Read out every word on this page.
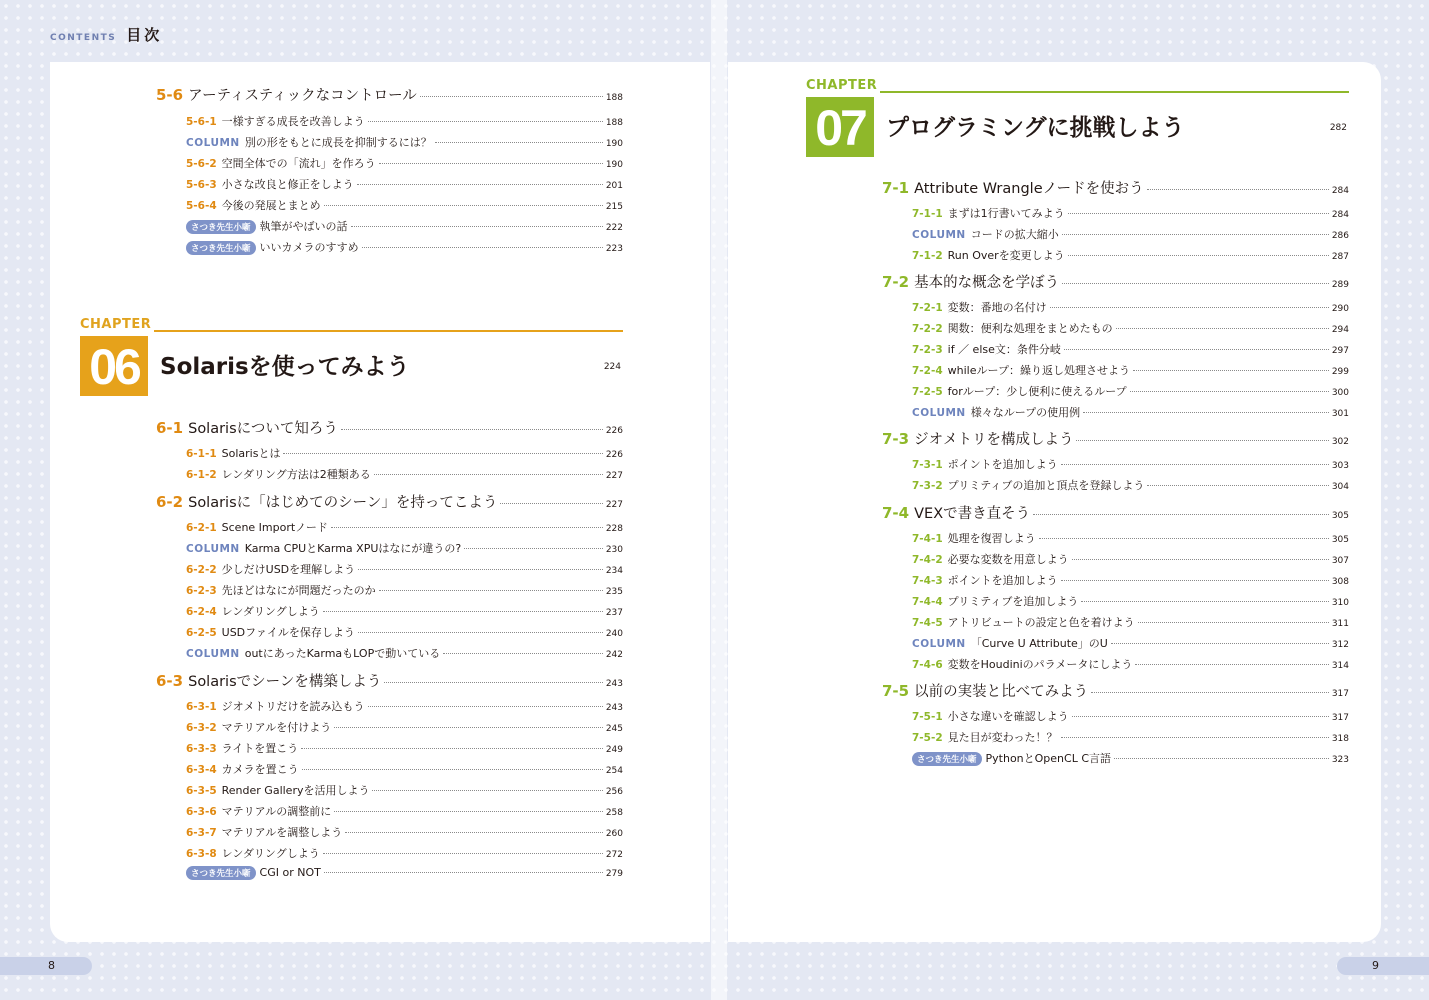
CONTENTS 目次
5-6 アーティスティックなコントロール	188
5-6-1 一様すぎる成長を改善しよう	188
COLUMN 別の形をもとに成長を抑制するには？	190
5-6-2 空間全体での「流れ」を作ろう	190
5-6-3 小さな改良と修正をしよう	201
5-6-4 今後の発展とまとめ	215
さつき先生小噺 執筆がやばいの話	222
さつき先生小噺 いいカメラのすすめ	223
CHAPTER
06 Solarisを使ってみよう	224
6-1 Solarisについて知ろう	226
6-1-1 Solarisとは	226
6-1-2 レンダリング方法は2種類ある	227
6-2 Solarisに「はじめてのシーン」を持ってこよう	227
6-2-1 Scene Importノード	228
COLUMN Karma CPUとKarma XPUはなにが違うの?	230
6-2-2 少しだけUSDを理解しよう	234
6-2-3 先ほどはなにが問題だったのか	235
6-2-4 レンダリングしよう	237
6-2-5 USDファイルを保存しよう	240
COLUMN outにあったKarmaもLOPで動いている	242
6-3 Solarisでシーンを構築しよう	243
6-3-1 ジオメトリだけを読み込もう	243
6-3-2 マテリアルを付けよう	245
6-3-3 ライトを置こう	249
6-3-4 カメラを置こう	254
6-3-5 Render Galleryを活用しよう	256
6-3-6 マテリアルの調整前に	258
6-3-7 マテリアルを調整しよう	260
6-3-8 レンダリングしよう	272
さつき先生小噺 CGI or NOT	279
CHAPTER
07 プログラミングに挑戦しよう	282
7-1 Attribute Wrangleノードを使おう	284
7-1-1 まずは1行書いてみよう	284
COLUMN コードの拡大縮小	286
7-1-2 Run Overを変更しよう	287
7-2 基本的な概念を学ぼう	289
7-2-1 変数：番地の名付け	290
7-2-2 関数：便利な処理をまとめたもの	294
7-2-3 if ／ else文：条件分岐	297
7-2-4 whileループ：繰り返し処理させよう	299
7-2-5 forループ：少し便利に使えるループ	300
COLUMN 様々なループの使用例	301
7-3 ジオメトリを構成しよう	302
7-3-1 ポイントを追加しよう	303
7-3-2 プリミティブの追加と頂点を登録しよう	304
7-4 VEXで書き直そう	305
7-4-1 処理を復習しよう	305
7-4-2 必要な変数を用意しよう	307
7-4-3 ポイントを追加しよう	308
7-4-4 プリミティブを追加しよう	310
7-4-5 アトリビュートの設定と色を着けよう	311
COLUMN 「Curve U Attribute」のU	312
7-4-6 変数をHoudiniのパラメータにしよう	314
7-5 以前の実装と比べてみよう	317
7-5-1 小さな違いを確認しよう	317
7-5-2 見た目が変わった！？	318
さつき先生小噺 PythonとOpenCL C言語	323
8	9
